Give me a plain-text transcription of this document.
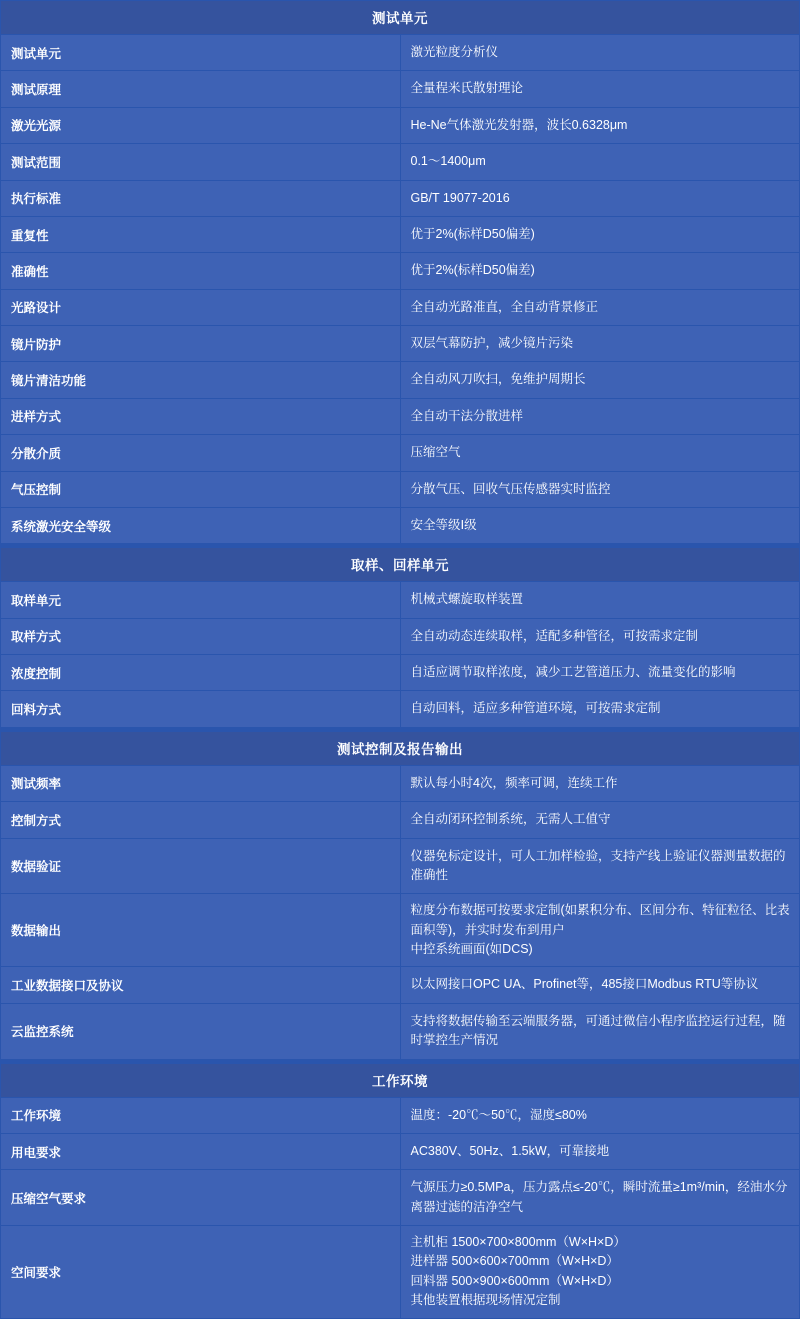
测试单元	
测试单元	激光粒度分析仪
测试原理	全量程米氏散射理论
激光光源	He-Ne气体激光发射器，波长0.6328μm
测试范围	0.1～1400μm
执行标准	GB/T 19077-2016
重复性	优于2%(标样D50偏差)
准确性	优于2%(标样D50偏差)
光路设计	全自动光路准直，全自动背景修正
镜片防护	双层气幕防护，减少镜片污染
镜片清洁功能	全自动风刀吹扫，免维护周期长
进样方式	全自动干法分散进样
分散介质	压缩空气
气压控制	分散气压、回收气压传感器实时监控
系统激光安全等级	安全等级Ⅰ级

取样、回样单元	
取样单元	机械式螺旋取样装置
取样方式	全自动动态连续取样，适配多种管径，可按需求定制
浓度控制	自适应调节取样浓度，减少工艺管道压力、流量变化的影响
回料方式	自动回料，适应多种管道环境，可按需求定制

测试控制及报告输出	
测试频率	默认每小时4次，频率可调，连续工作
控制方式	全自动闭环控制系统，无需人工值守
数据验证	仪器免标定设计，可人工加样检验，支持产线上验证仪器测量数据的准确性
数据输出	粒度分布数据可按要求定制(如累积分布、区间分布、特征粒径、比表面积等)，并实时发布到用户
中控系统画面(如DCS)

工业数据接口及协议	以太网接口OPC UA、Profinet等，485接口Modbus RTU等协议
云监控系统	支持将数据传输至云端服务器，可通过微信小程序监控运行过程，随时掌控生产情况

工作环境	
工作环境	温度：-20℃～50℃，湿度≤80%
用电要求	AC380V、50Hz、1.5kW，可靠接地
压缩空气要求	气源压力≥0.5MPa，压力露点≤-20℃，瞬时流量≥1m³/min，经油水分离器过滤的洁净空气
空间要求	主机柜 1500×700×800mm（W×H×D）
进样器 500×600×700mm（W×H×D）
回料器 500×900×600mm（W×H×D）
其他装置根据现场情况定制
